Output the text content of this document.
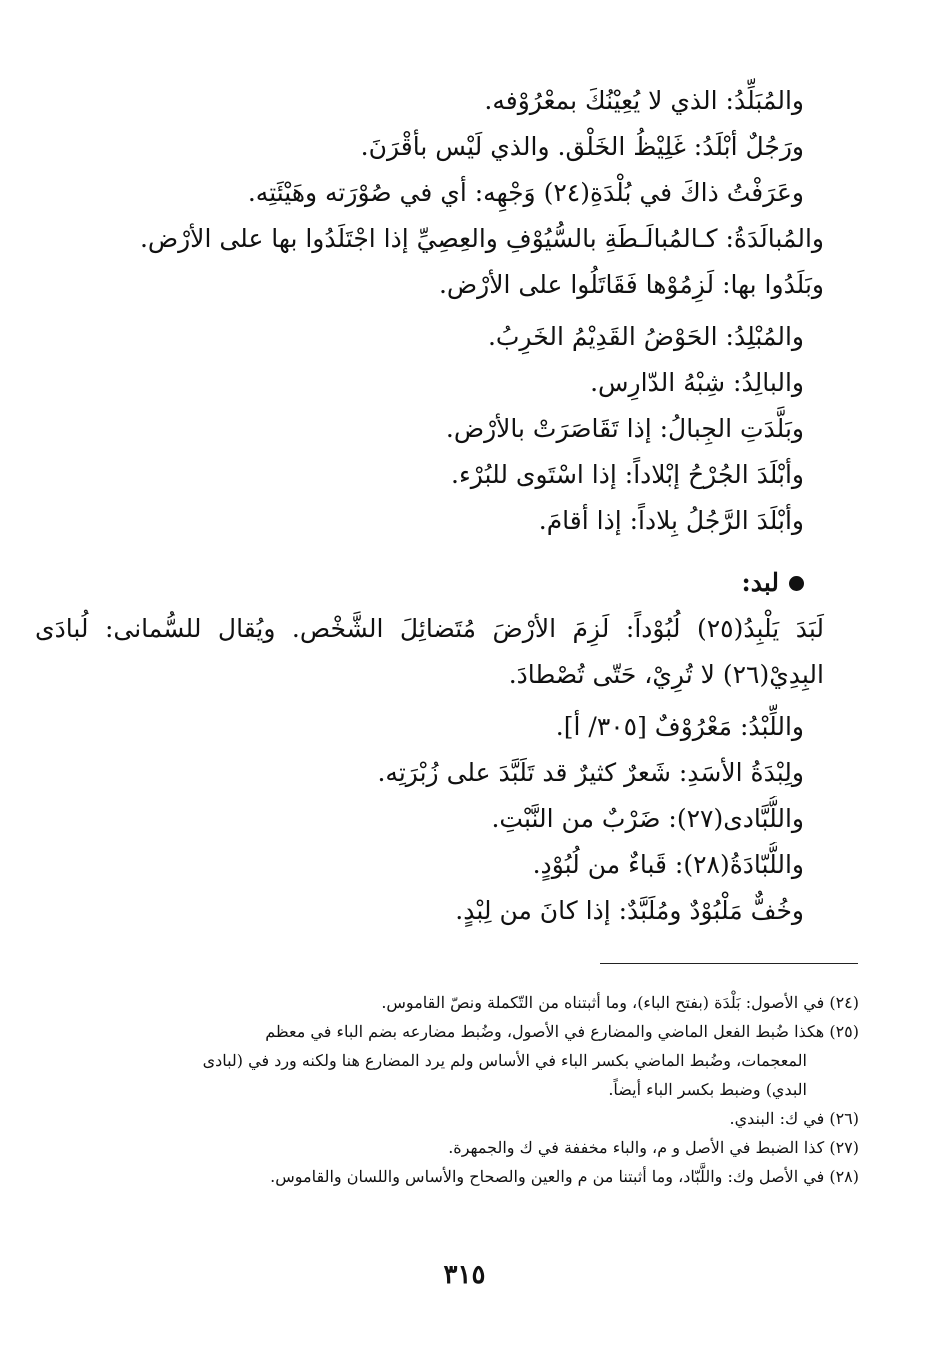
والمُبَلِّدُ: الذي لا يُعِيْنُكَ بمعْرُوْفه.
ورَجُلٌ أبْلَدُ: غَلِيْظُ الخَلْق. والذي لَيْس بأقْرَنَ.
وعَرَفْتُ ذاكَ في بُلْدَةِ(٢٤) وَجْهِه: أي في صُوْرَته وهَيْئَتِه.
والمُبالَدَةُ: كـالمُبالَـطَةِ بالسُّيُوْفِ والعِصِيِّ إذا اجْتَلَدُوا بها على الأرْض.
وبَلَدُوا بها: لَزِمُوْها فَقَاتَلُوا على الأرْض.
والمُبْلِدُ: الحَوْضُ القَدِيْمُ الخَرِبُ.
والبالِدُ: شِبْهُ الدّارِس.
وبَلَّدَتِ الجِبالُ: إذا تَقَاصَرَتْ بالأرْض.
وأبْلَدَ الجُرْحُ إبْلاداً: إذا اسْتَوى للبُرْء.
وأبْلَدَ الرَّجُلُ بِلاداً: إذا أقامَ.
لبد:
لَبَدَ يَلْبِدُ(٢٥) لُبُوْداً: لَزِمَ الأرْضَ مُتَضائِلَ الشَّخْص. ويُقال للسُّمانى: لُبادَى البِدِيْ(٢٦) لا تُرِيْ، حَتّى تُصْطادَ.
واللِّبْدُ: مَعْرُوْفٌ [٣٠٥/ أ].
ولِبْدَةُ الأسَدِ: شَعرٌ كثيرٌ قد تَلَبَّدَ على زُبْرَتِه.
واللُّبَّادى(٢٧): ضَرْبٌ من النَّبْتِ.
واللُّبّادَةُ(٢٨): قَباءٌ من لُبُوْدٍ.
وخُفٌّ مَلْبُوْدٌ ومُلَبَّدٌ: إذا كانَ من لِبْدٍ.

(٢٤) في الأصول: بَلْدَة (بفتح الباء)، وما أثبتناه من التّكملة ونصّ القاموس.

(٢٥) هكذا ضُبط الفعل الماضي والمضارع في الأصول، وضُبط مضارعه بضم الباء في معظم
المعجمات، وضُبط الماضي بكسر الباء في الأساس ولم يرد المضارع هنا ولكنه ورد في (لبادى
البدي) وضبط بكسر الباء أيضاً.

(٢٦) في ك: البندي.

(٢٧) كذا الضبط في الأصل و م، والباء مخففة في ك والجمهرة.

(٢٨) في الأصل وك: واللَّبّاد، وما أثبتنا من م والعين والصحاح والأساس واللسان والقاموس.

٣١٥
